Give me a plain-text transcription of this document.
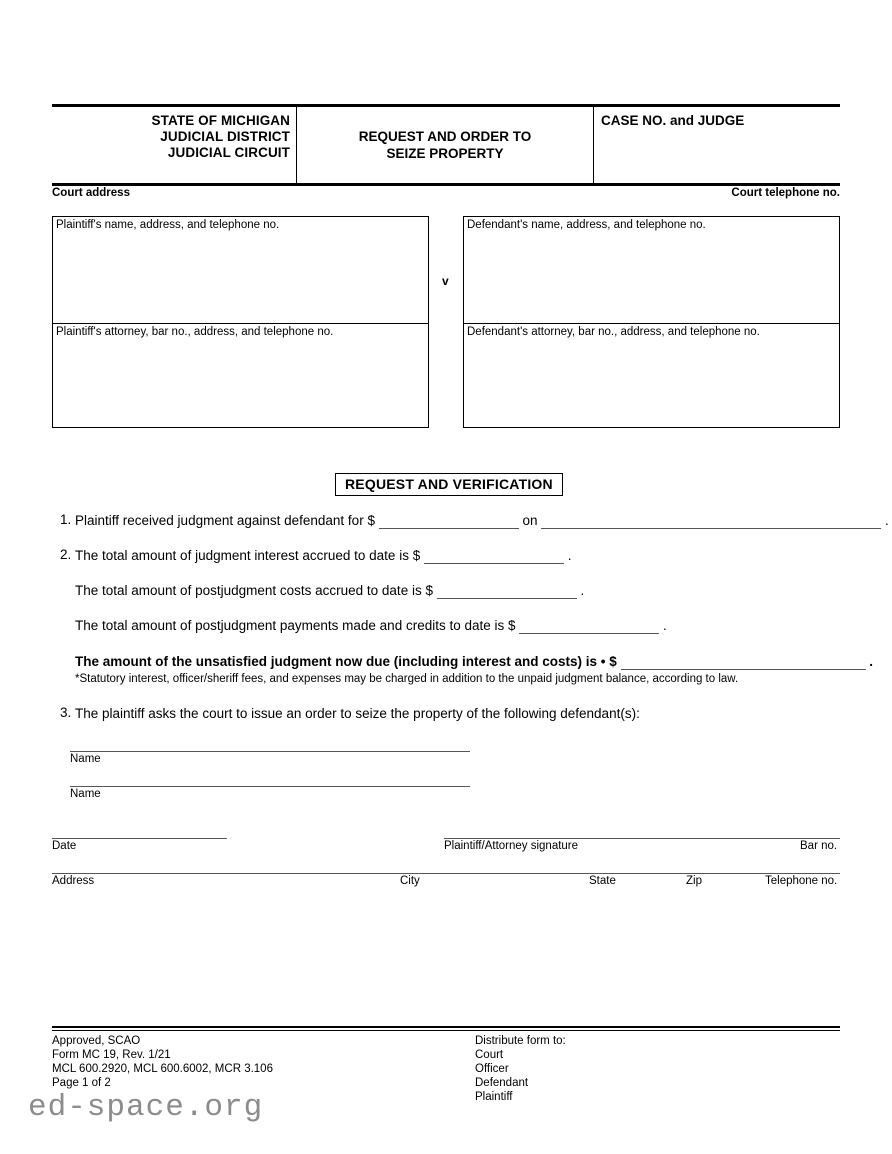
STATE OF MICHIGAN
JUDICIAL DISTRICT
JUDICIAL CIRCUIT
REQUEST AND ORDER TO
SEIZE PROPERTY
CASE NO. and JUDGE
Court address	Court telephone no.
Plaintiff's name, address, and telephone no.
Plaintiff's attorney, bar no., address, and telephone no.
v
Defendant's name, address, and telephone no.
Defendant's attorney, bar no., address, and telephone no.
REQUEST AND VERIFICATION
1. Plaintiff received judgment against defendant for $	on	.
2. The total amount of judgment interest accrued to date is $	.
The total amount of postjudgment costs accrued to date is $	.
The total amount of postjudgment payments made and credits to date is $	.
The amount of the unsatisfied judgment now due (including interest and costs) is • $	.
*Statutory interest, officer/sheriff fees, and expenses may be charged in addition to the unpaid judgment balance, according to law.
3. The plaintiff asks the court to issue an order to seize the property of the following defendant(s):
Name
Name
Date	Plaintiff/Attorney signature	Bar no.
Address	City	State	Zip	Telephone no.
Approved, SCAO
Form MC 19, Rev. 1/21
MCL 600.2920, MCL 600.6002, MCR 3.106
Page 1 of 2
Distribute form to:
Court
Officer
Defendant
Plaintiff
ed-space.org
